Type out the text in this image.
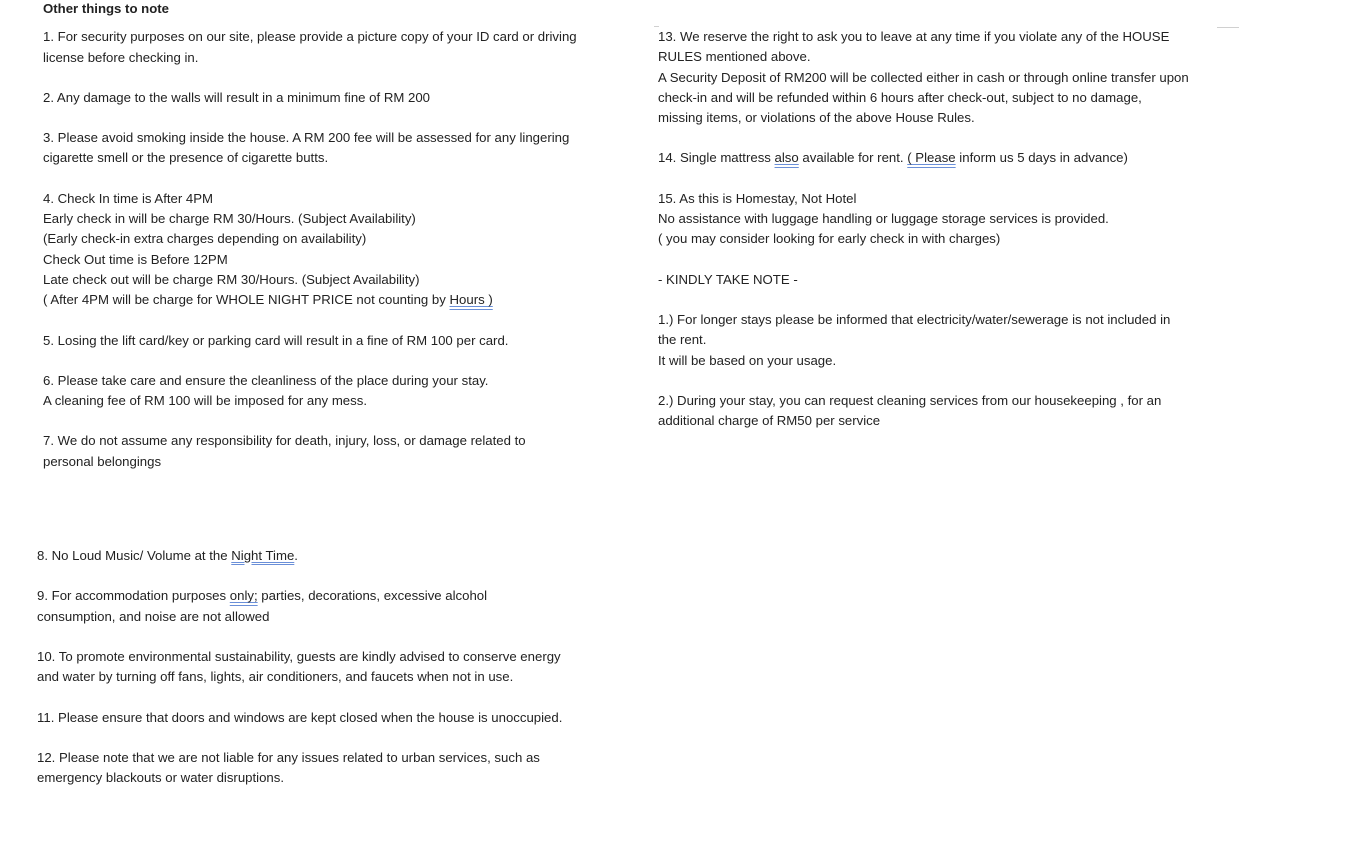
Other things to note
1. For security purposes on our site, please provide a picture copy of your ID card or driving
license before checking in.
2. Any damage to the walls will result in a minimum fine of RM 200
3. Please avoid smoking inside the house. A RM 200 fee will be assessed for any lingering
cigarette smell or the presence of cigarette butts.
4. Check In time is After 4PM
Early check in will be charge RM 30/Hours. (Subject Availability)
(Early check-in extra charges depending on availability)
Check Out time is Before 12PM
Late check out will be charge RM 30/Hours. (Subject Availability)
( After 4PM will be charge for WHOLE NIGHT PRICE not counting by Hours )
5. Losing the lift card/key or parking card will result in a fine of RM 100 per card.
6. Please take care and ensure the cleanliness of the place during your stay.
A cleaning fee of RM 100 will be imposed for any mess.
7. We do not assume any responsibility for death, injury, loss, or damage related to
personal belongings
8. No Loud Music/ Volume at the Night Time.
9. For accommodation purposes only; parties, decorations, excessive alcohol
consumption, and noise are not allowed
10. To promote environmental sustainability, guests are kindly advised to conserve energy
and water by turning off fans, lights, air conditioners, and faucets when not in use.
11. Please ensure that doors and windows are kept closed when the house is unoccupied.
12. Please note that we are not liable for any issues related to urban services, such as
emergency blackouts or water disruptions.
13. We reserve the right to ask you to leave at any time if you violate any of the HOUSE
RULES mentioned above.
A Security Deposit of RM200 will be collected either in cash or through online transfer upon
check-in and will be refunded within 6 hours after check-out, subject to no damage,
missing items, or violations of the above House Rules.
14. Single mattress also available for rent. ( Please inform us 5 days in advance)
15. As this is Homestay, Not Hotel
No assistance with luggage handling or luggage storage services is provided.
( you may consider looking for early check in with charges)
- KINDLY TAKE NOTE -
1.) For longer stays please be informed that electricity/water/sewerage is not included in
the rent.
It will be based on your usage.
2.) During your stay, you can request cleaning services from our housekeeping , for an
additional charge of RM50 per service
